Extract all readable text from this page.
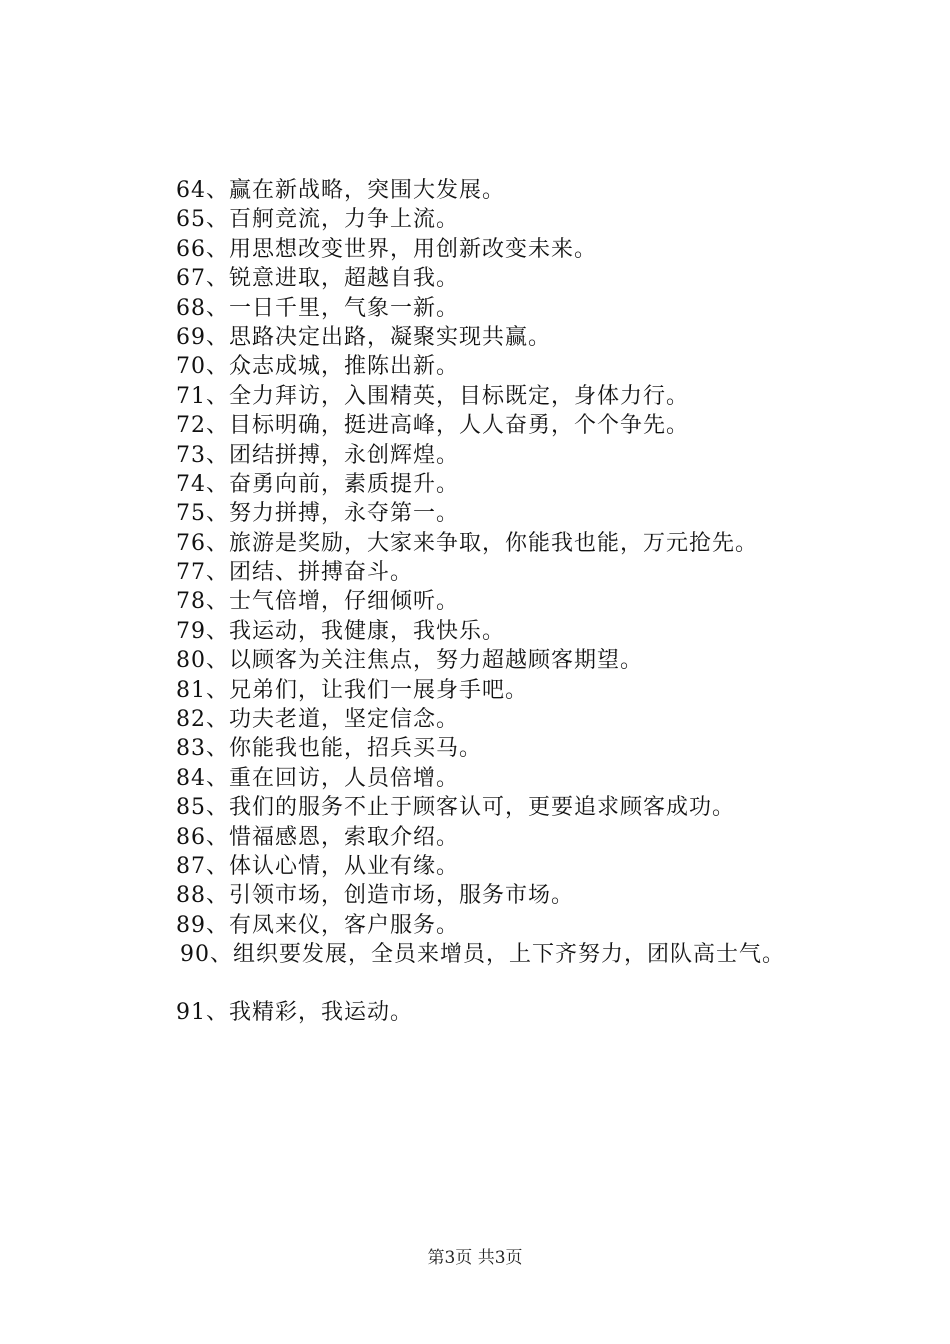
64、赢在新战略，突围大发展。
65、百舸竞流，力争上流。
66、用思想改变世界，用创新改变未来。
67、锐意进取，超越自我。
68、一日千里，气象一新。
69、思路决定出路，凝聚实现共赢。
70、众志成城，推陈出新。
71、全力拜访，入围精英，目标既定，身体力行。
72、目标明确，挺进高峰，人人奋勇，个个争先。
73、团结拼搏，永创辉煌。
74、奋勇向前，素质提升。
75、努力拼搏，永夺第一。
76、旅游是奖励，大家来争取，你能我也能，万元抢先。
77、团结、拼搏奋斗。
78、士气倍增，仔细倾听。
79、我运动，我健康，我快乐。
80、以顾客为关注焦点，努力超越顾客期望。
81、兄弟们，让我们一展身手吧。
82、功夫老道，坚定信念。
83、你能我也能，招兵买马。
84、重在回访，人员倍增。
85、我们的服务不止于顾客认可，更要追求顾客成功。
86、惜福感恩，索取介绍。
87、体认心情，从业有缘。
88、引领市场，创造市场，服务市场。
89、有凤来仪，客户服务。
90、组织要发展，全员来增员，上下齐努力，团队高士气。
91、我精彩，我运动。
第3页 共3页
